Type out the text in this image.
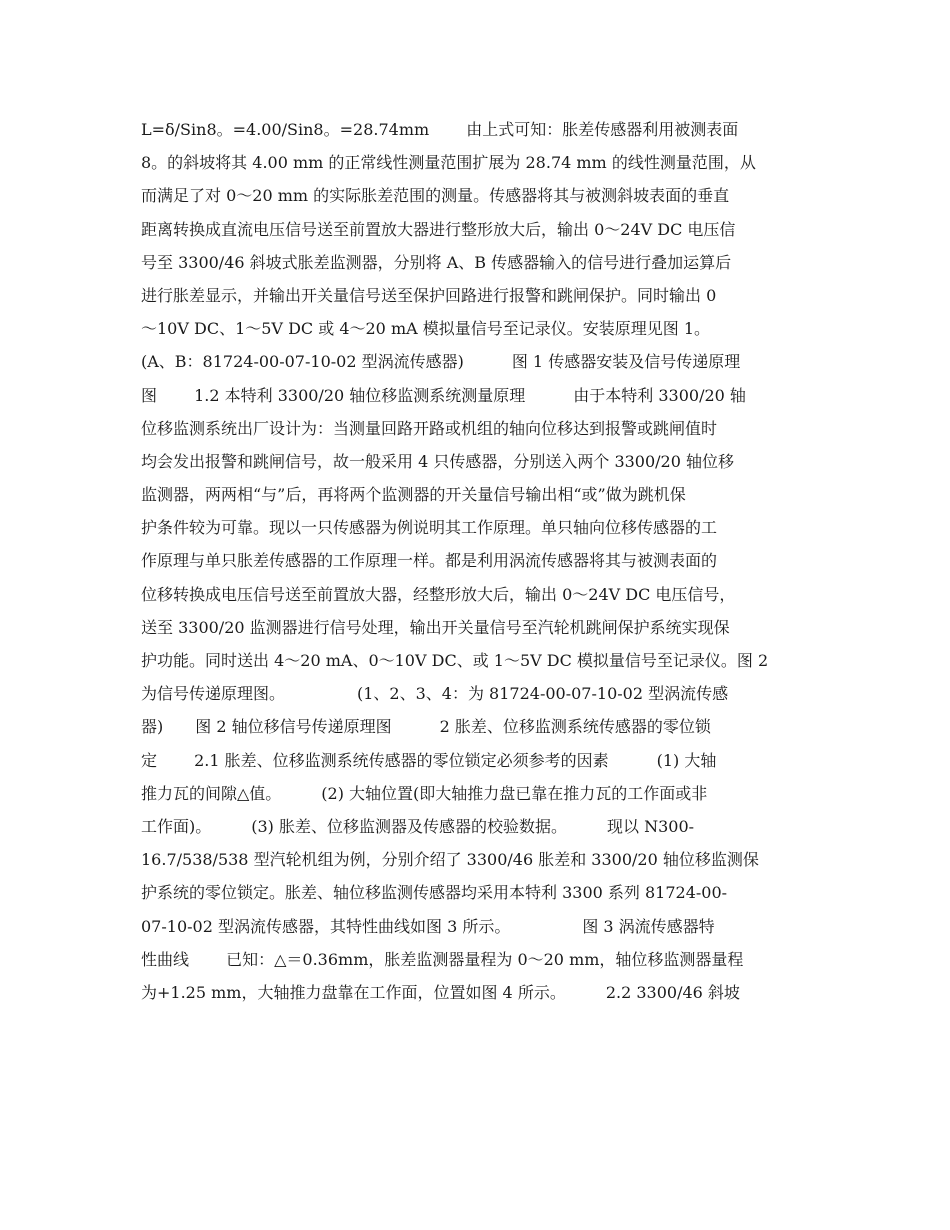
L=δ/Sin8。=4.00/Sin8。=28.74mm　　 由上式可知：胀差传感器利用被测表面
8。的斜坡将其 4.00 mm 的正常线性测量范围扩展为 28.74 mm 的线性测量范围，从
而满足了对 0～20 mm 的实际胀差范围的测量。传感器将其与被测斜坡表面的垂直
距离转换成直流电压信号送至前置放大器进行整形放大后，输出 0～24V DC 电压信
号至 3300/46 斜坡式胀差监测器，分别将 A、B 传感器输入的信号进行叠加运算后
进行胀差显示，并输出开关量信号送至保护回路进行报警和跳闸保护。同时输出 0
～10V DC、1～5V DC 或 4～20 mA 模拟量信号至记录仪。安装原理见图 1。
(A、B：81724-00-07-10-02 型涡流传感器)　　　图 1 传感器安装及信号传递原理
图　　 1.2 本特利 3300/20 轴位移监测系统测量原理　　　由于本特利 3300/20 轴
位移监测系统出厂设计为：当测量回路开路或机组的轴向位移达到报警或跳闸值时
均会发出报警和跳闸信号，故一般采用 4 只传感器，分别送入两个 3300/20 轴位移
监测器，两两相“与”后，再将两个监测器的开关量信号输出相“或”做为跳机保
护条件较为可靠。现以一只传感器为例说明其工作原理。单只轴向位移传感器的工
作原理与单只胀差传感器的工作原理一样。都是利用涡流传感器将其与被测表面的
位移转换成电压信号送至前置放大器，经整形放大后，输出 0～24V DC 电压信号，
送至 3300/20 监测器进行信号处理，输出开关量信号至汽轮机跳闸保护系统实现保
护功能。同时送出 4～20 mA、0～10V DC、或 1～5V DC 模拟量信号至记录仪。图 2
为信号传递原理图。　　　　　(1、2、3、4：为 81724-00-07-10-02 型涡流传感
器)　　图 2 轴位移信号传递原理图　　　2 胀差、位移监测系统传感器的零位锁
定　　 2.1 胀差、位移监测系统传感器的零位锁定必须参考的因素　　　(1) 大轴
推力瓦的间隙△值。　　　(2) 大轴位置(即大轴推力盘已靠在推力瓦的工作面或非
工作面)。　　　(3) 胀差、位移监测器及传感器的校验数据。　　　现以 N300-
16.7/538/538 型汽轮机组为例，分别介绍了 3300/46 胀差和 3300/20 轴位移监测保
护系统的零位锁定。胀差、轴位移监测传感器均采用本特利 3300 系列 81724-00-
07-10-02 型涡流传感器，其特性曲线如图 3 所示。　　　　　图 3 涡流传感器特
性曲线　　 已知：△＝0.36mm，胀差监测器量程为 0～20 mm，轴位移监测器量程
为+1.25 mm，大轴推力盘靠在工作面，位置如图 4 所示。　　　2.2 3300/46 斜坡
